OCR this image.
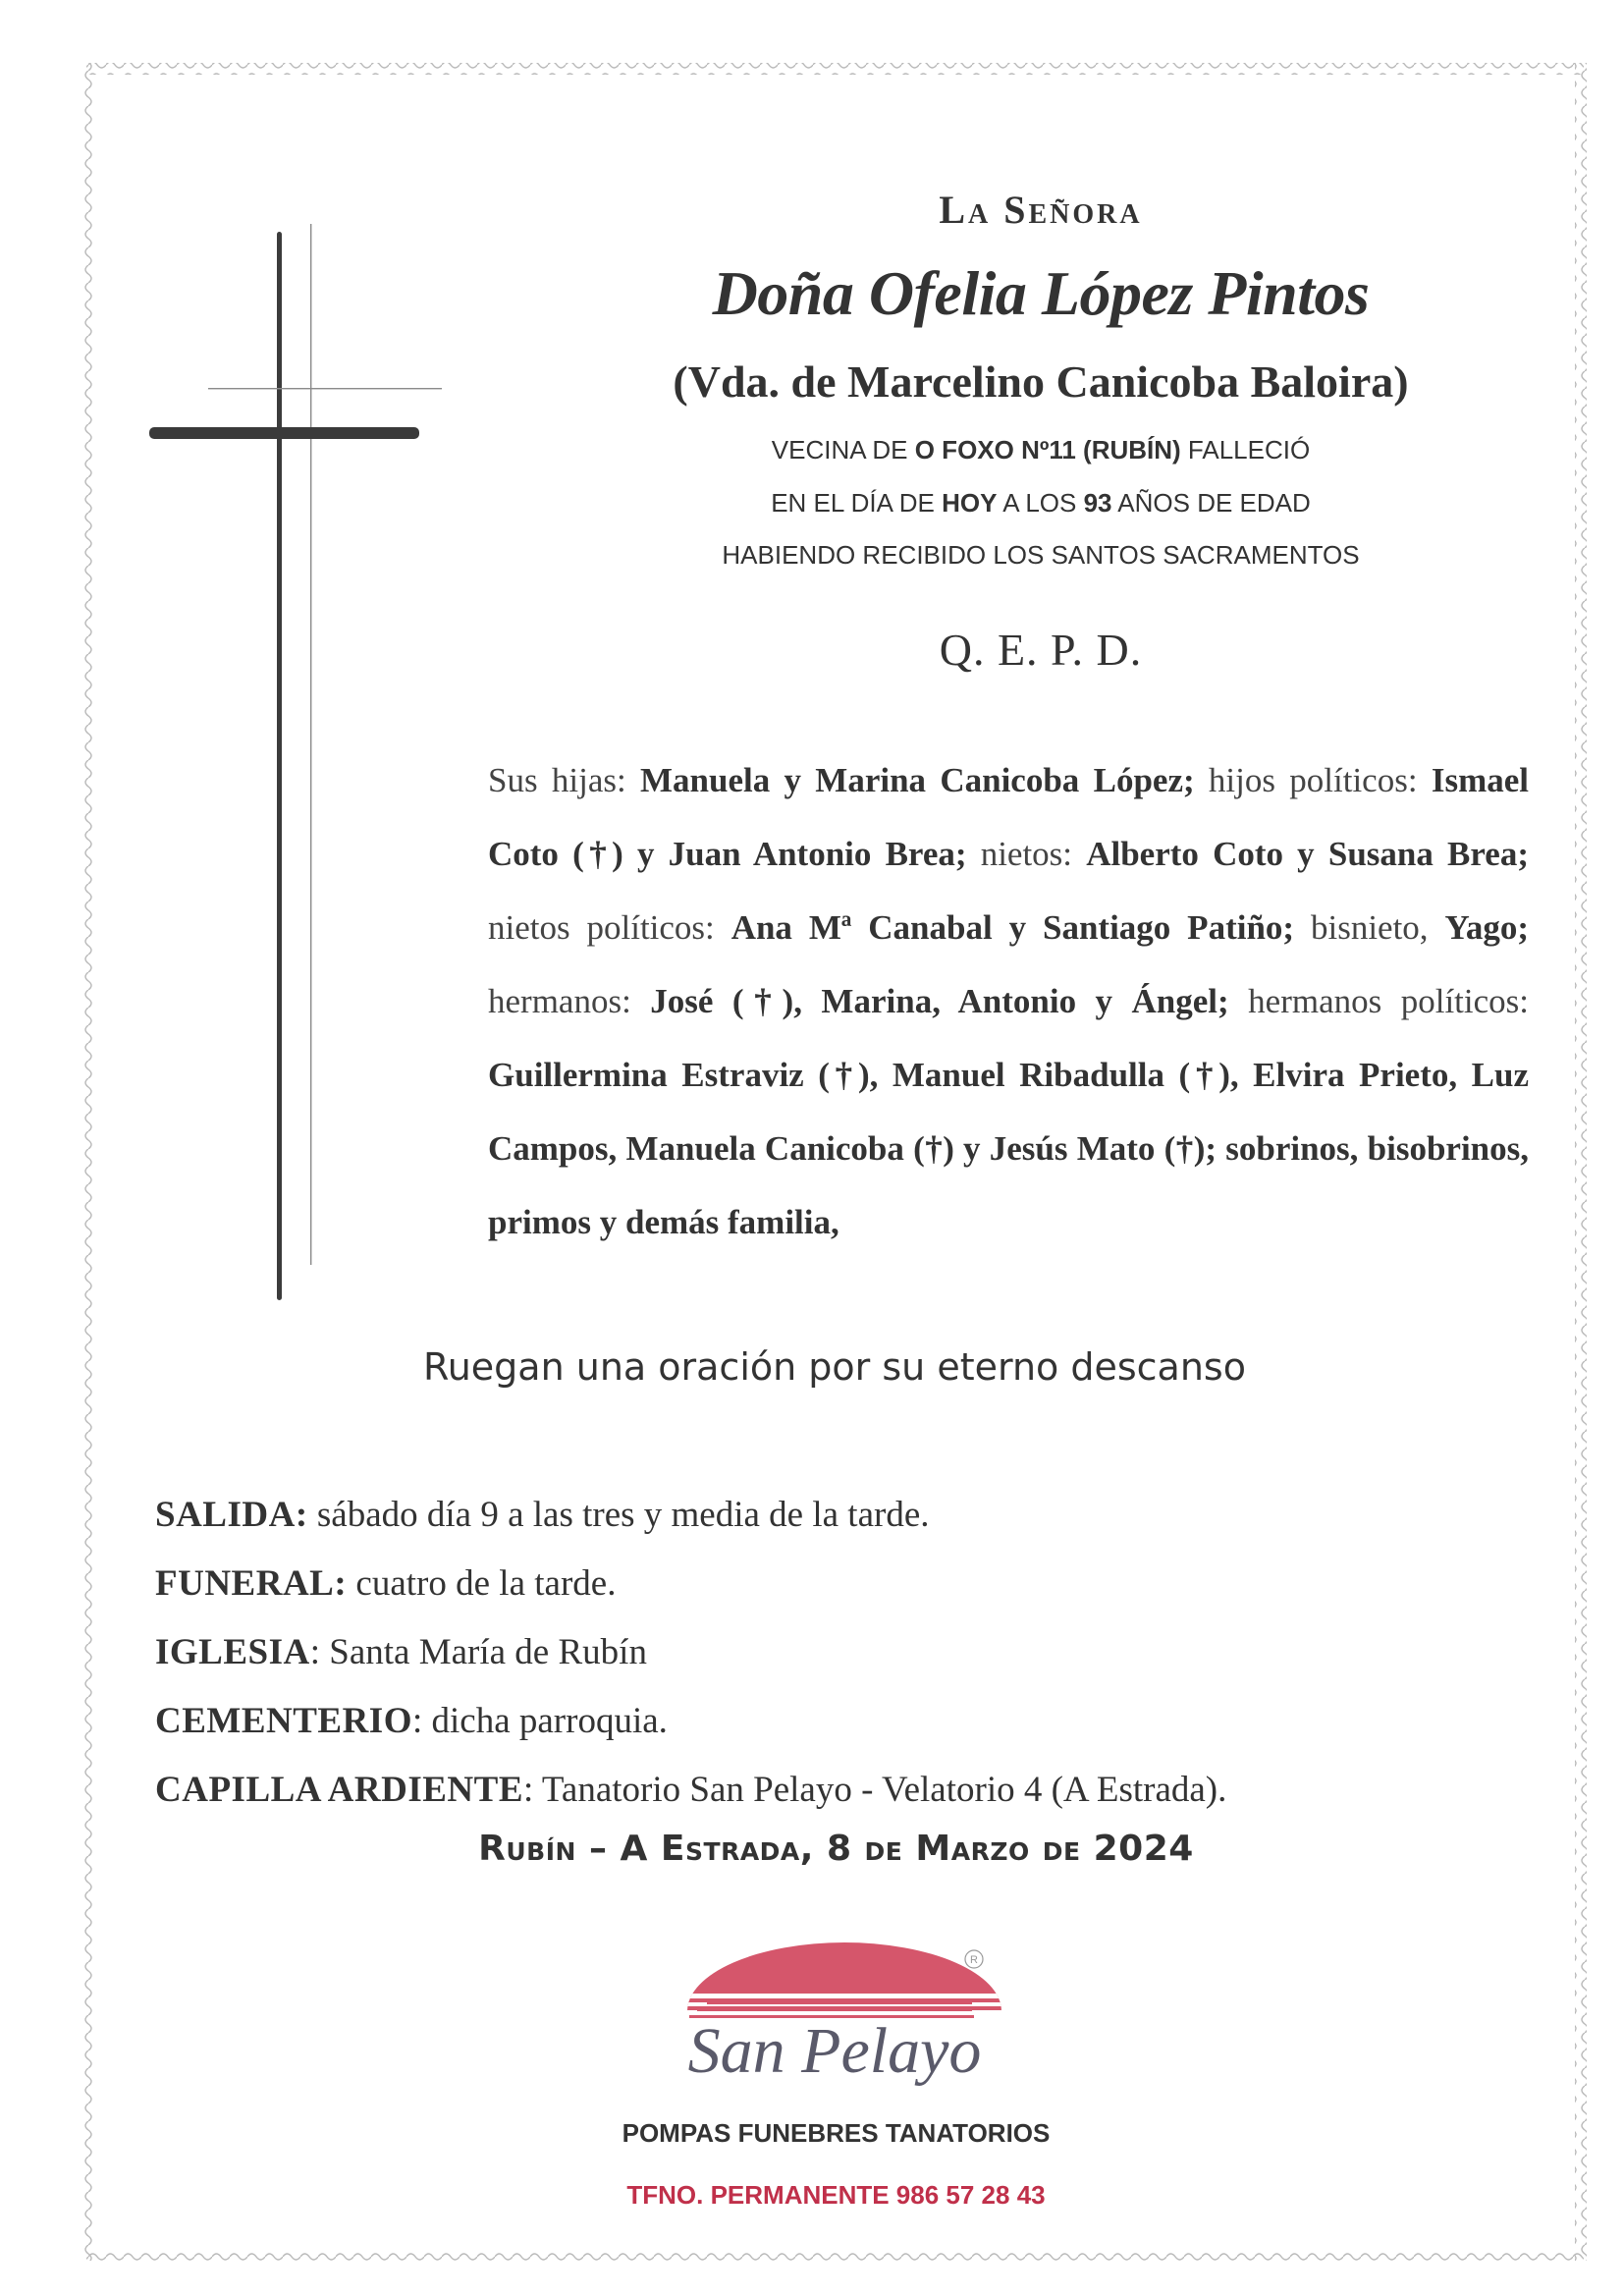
La Señora
Doña Ofelia López Pintos
(Vda. de Marcelino Canicoba Baloira)
VECINA DE O FOXO Nº11 (RUBÍN) FALLECIÓ
EN EL DÍA DE HOY A LOS 93 AÑOS DE EDAD
HABIENDO RECIBIDO LOS SANTOS SACRAMENTOS
Q. E. P. D.
Sus hijas: Manuela y Marina Canicoba López; hijos políticos: Ismael Coto (†) y Juan Antonio Brea; nietos: Alberto Coto y Susana Brea; nietos políticos: Ana Mª Canabal y Santiago Patiño; bisnieto, Yago; hermanos: José (†), Marina, Antonio y Ángel; hermanos políticos: Guillermina Estraviz (†), Manuel Ribadulla (†), Elvira Prieto, Luz Campos, Manuela Canicoba (†) y Jesús Mato (†); sobrinos, bisobrinos, primos y demás familia,
Ruegan una oración por su eterno descanso
SALIDA: sábado día 9 a las tres y media de la tarde.
FUNERAL: cuatro de la tarde.
IGLESIA: Santa María de Rubín
CEMENTERIO: dicha parroquia.
CAPILLA ARDIENTE: Tanatorio San Pelayo - Velatorio 4 (A Estrada).
Rubín – A Estrada, 8 de Marzo de 2024
R
San Pelayo
POMPAS FUNEBRES TANATORIOS
TFNO. PERMANENTE 986 57 28 43
